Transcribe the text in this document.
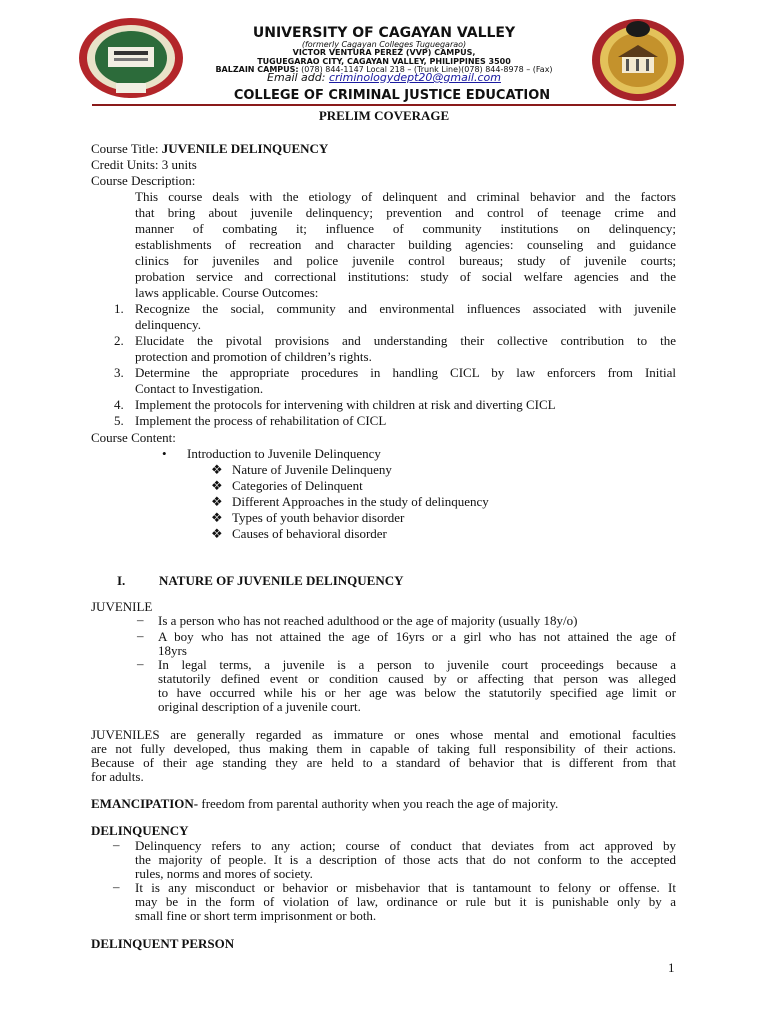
UNIVERSITY OF CAGAYAN VALLEY
(formerly Cagayan Colleges Tuguegarao)
VICTOR VENTURA PEREZ (VVP) CAMPUS,
TUGUEGARAO CITY, CAGAYAN VALLEY, PHILIPPINES 3500
BALZAIN CAMPUS: (078) 844-1147 Local 218 – (Trunk Line)(078) 844-8978 – (Fax)
Email add: criminologydept20@gmail.com
COLLEGE OF CRIMINAL JUSTICE EDUCATION
PRELIM COVERAGE
Course Title: JUVENILE DELINQUENCY
Credit Units: 3 units
Course Description:
This course deals with the etiology of delinquent and criminal behavior and the factors
that bring about juvenile delinquency; prevention and control of teenage crime and
manner of combating it; influence of community institutions on delinquency;
establishments of recreation and character building agencies: counseling and guidance
clinics for juveniles and police juvenile control bureaus; study of juvenile courts;
probation service and correctional institutions: study of social welfare agencies and the
laws applicable. Course Outcomes:
1. Recognize the social, community and environmental influences associated with juvenile
delinquency.
2. Elucidate the pivotal provisions and understanding their collective contribution to the
protection and promotion of children’s rights.
3. Determine the appropriate procedures in handling CICL by law enforcers from Initial
Contact to Investigation.
4. Implement the protocols for intervening with children at risk and diverting CICL
5. Implement the process of rehabilitation of CICL
Course Content:
• Introduction to Juvenile Delinquency
❖ Nature of Juvenile Delinqueny
❖ Categories of Delinquent
❖ Different Approaches in the study of delinquency
❖ Types of youth behavior disorder
❖ Causes of behavioral disorder
I.	NATURE OF JUVENILE DELINQUENCY
JUVENILE
– Is a person who has not reached adulthood or the age of majority (usually 18y/o)
– A boy who has not attained the age of 16yrs or a girl who has not attained the age of
18yrs
– In legal terms, a juvenile is a person to juvenile court proceedings because a
statutorily defined event or condition caused by or affecting that person was alleged
to have occurred while his or her age was below the statutorily specified age limit or
original description of a juvenile court.
JUVENILES are generally regarded as immature or ones whose mental and emotional faculties
are not fully developed, thus making them in capable of taking full responsibility of their actions.
Because of their age standing they are held to a standard of behavior that is different from that
for adults.
EMANCIPATION- freedom from parental authority when you reach the age of majority.
DELINQUENCY
– Delinquency refers to any action; course of conduct that deviates from act approved by
the majority of people. It is a description of those acts that do not conform to the accepted
rules, norms and mores of society.
– It is any misconduct or behavior or misbehavior that is tantamount to felony or offense. It
may be in the form of violation of law, ordinance or rule but it is punishable only by a
small fine or short term imprisonment or both.
DELINQUENT PERSON
1
